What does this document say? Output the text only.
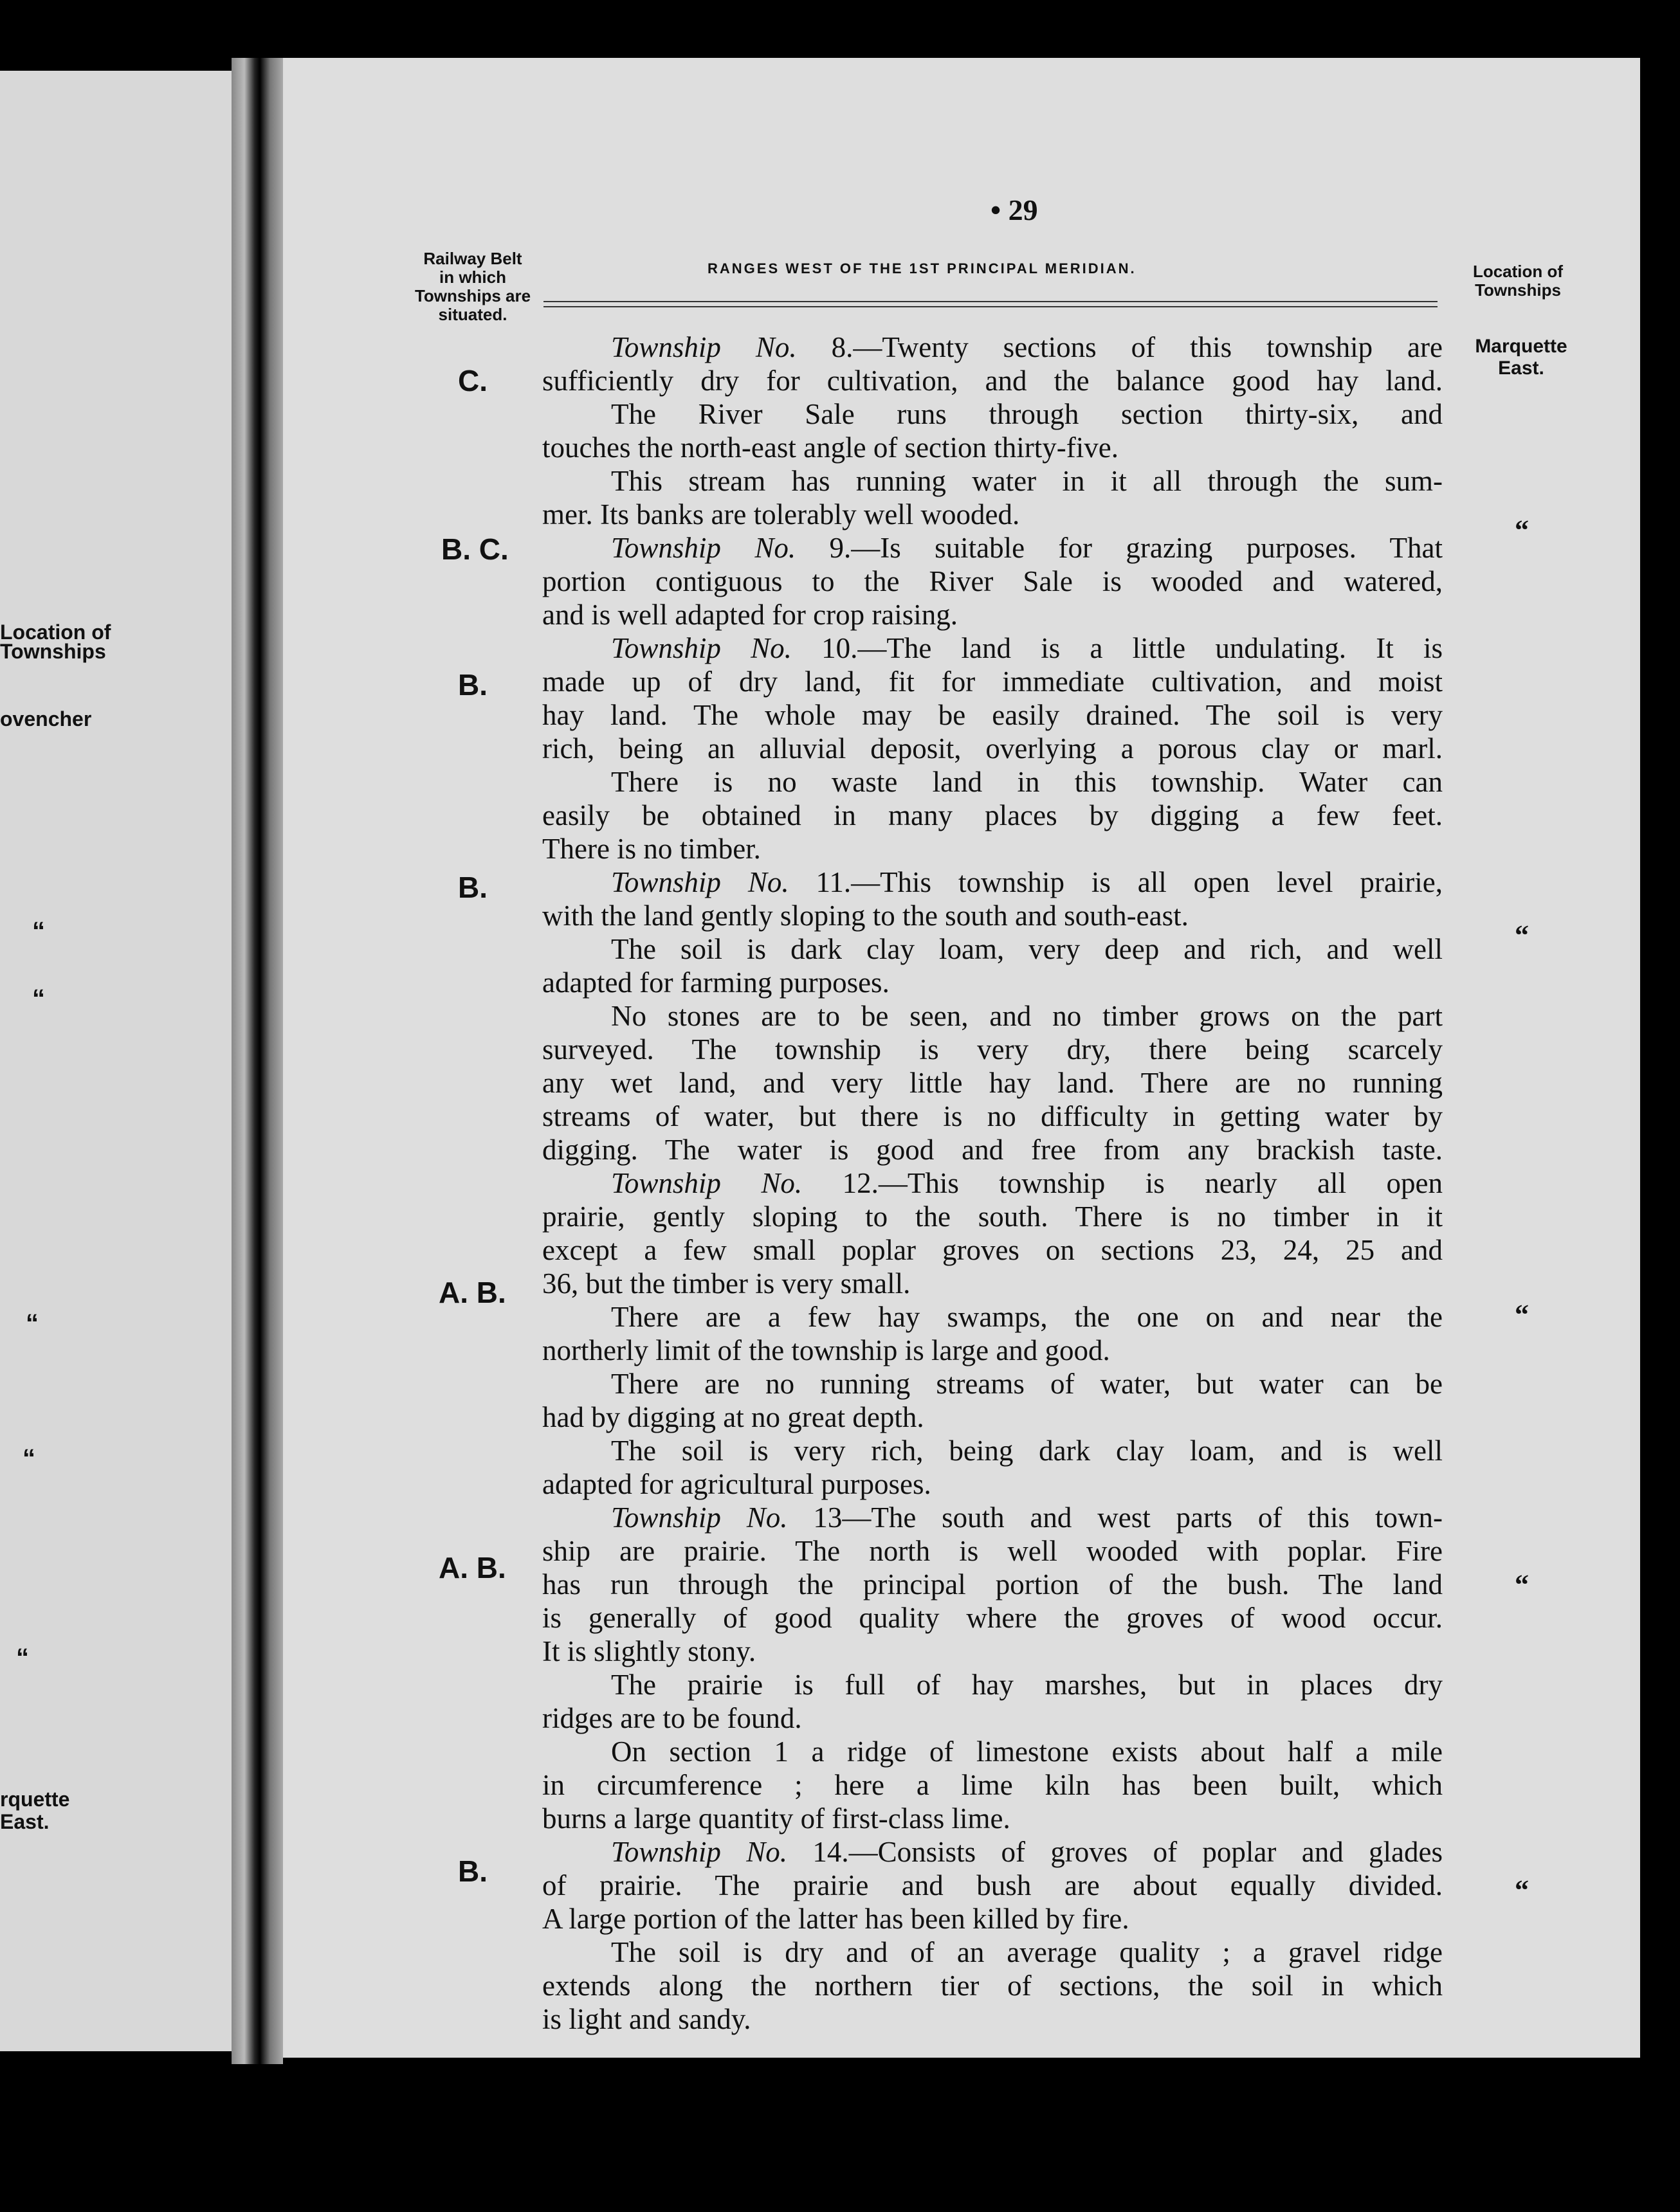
Location of
Townships
ovencher
“
“
“
“
“
rquette
East.
• 29
Railway Belt
in which
Townships are
situated.
RANGES WEST OF THE 1ST PRINCIPAL MERIDIAN.	Location of
Townships
Marquette
East.
“
“
“
“
“
C.
B. C.
B.
B.
A. B.
A. B.
B.
Township No. 8.—Twenty sections of this township are
sufficiently dry for cultivation, and the balance good hay land.
The River Sale runs through section thirty-six, and
touches the north-east angle of section thirty-five.
This stream has running water in it all through the sum-
mer. Its banks are tolerably well wooded.
Township No. 9.—Is suitable for grazing purposes. That
portion contiguous to the River Sale is wooded and watered,
and is well adapted for crop raising.
Township No. 10.—The land is a little undulating. It is
made up of dry land, fit for immediate cultivation, and moist
hay land. The whole may be easily drained. The soil is very
rich, being an alluvial deposit, overlying a porous clay or marl.
There is no waste land in this township. Water can
easily be obtained in many places by digging a few feet.
There is no timber.
Township No. 11.—This township is all open level prairie,
with the land gently sloping to the south and south-east.
The soil is dark clay loam, very deep and rich, and well
adapted for farming purposes.
No stones are to be seen, and no timber grows on the part
surveyed. The township is very dry, there being scarcely
any wet land, and very little hay land. There are no running
streams of water, but there is no difficulty in getting water by
digging. The water is good and free from any brackish taste.
Township No. 12.—This township is nearly all open
prairie, gently sloping to the south. There is no timber in it
except a few small poplar groves on sections 23, 24, 25 and
36, but the timber is very small.
There are a few hay swamps, the one on and near the
northerly limit of the township is large and good.
There are no running streams of water, but water can be
had by digging at no great depth.
The soil is very rich, being dark clay loam, and is well
adapted for agricultural purposes.
Township No. 13—The south and west parts of this town-
ship are prairie. The north is well wooded with poplar. Fire
has run through the principal portion of the bush. The land
is generally of good quality where the groves of wood occur.
It is slightly stony.
The prairie is full of hay marshes, but in places dry
ridges are to be found.
On section 1 a ridge of limestone exists about half a mile
in circumference ; here a lime kiln has been built, which
burns a large quantity of first-class lime.
Township No. 14.—Consists of groves of poplar and glades
of prairie. The prairie and bush are about equally divided.
A large portion of the latter has been killed by fire.
The soil is dry and of an average quality ; a gravel ridge
extends along the northern tier of sections, the soil in which
is light and sandy.
